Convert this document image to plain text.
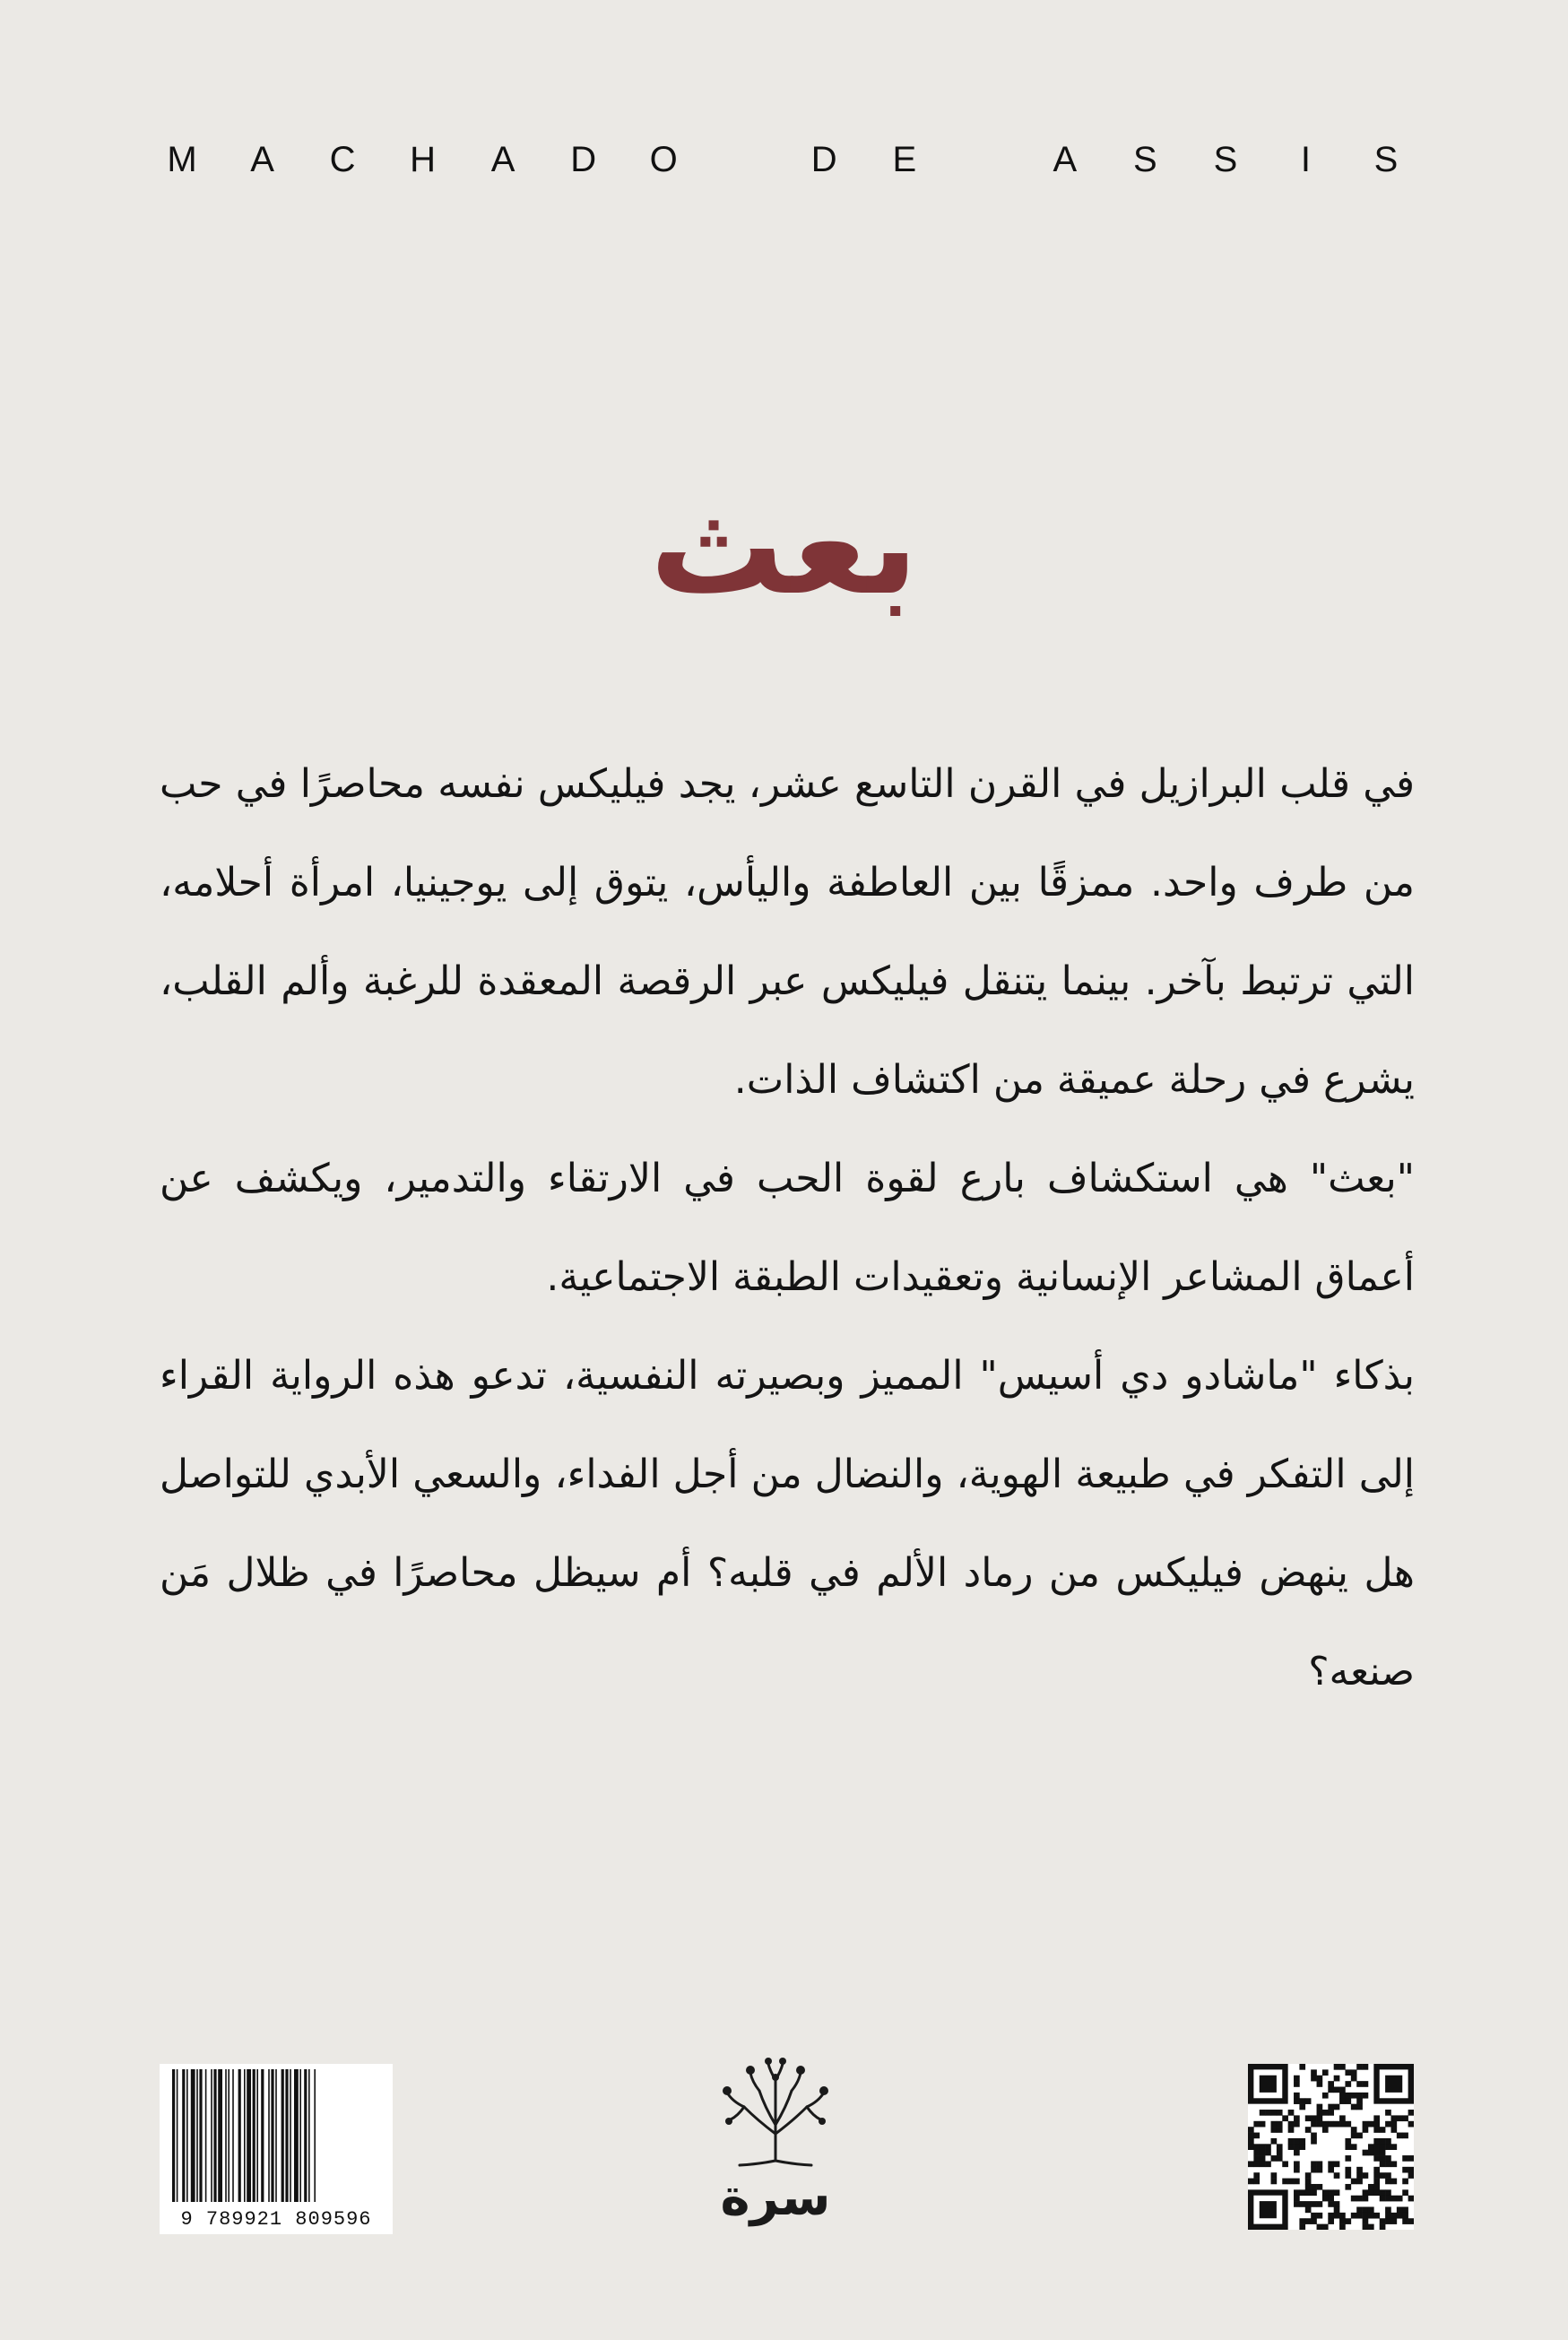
M A C H A D O	D E	A S S	I	S
بعث

في قلب البرازيل في القرن التاسع عشر، يجد فيليكس نفسه محاصرًا في حب من طرف واحد. ممزقًا بين العاطفة واليأس، يتوق إلى يوجينيا، امرأة أحلامه، التي ترتبط بآخر. بينما يتنقل فيليكس عبر الرقصة المعقدة للرغبة وألم القلب، يشرع في رحلة عميقة من اكتشاف الذات.

"بعث" هي استكشاف بارع لقوة الحب في الارتقاء والتدمير، ويكشف عن أعماق المشاعر الإنسانية وتعقيدات الطبقة الاجتماعية.

بذكاء "ماشادو دي أسيس" المميز وبصيرته النفسية، تدعو هذه الرواية القراء إلى التفكر في طبيعة الهوية، والنضال من أجل الفداء، والسعي الأبدي للتواصل هل ينهض فيليكس من رماد الألم في قلبه؟ أم سيظل محاصرًا في ظلال مَن صنعه؟

9 789921 809596	سرة
